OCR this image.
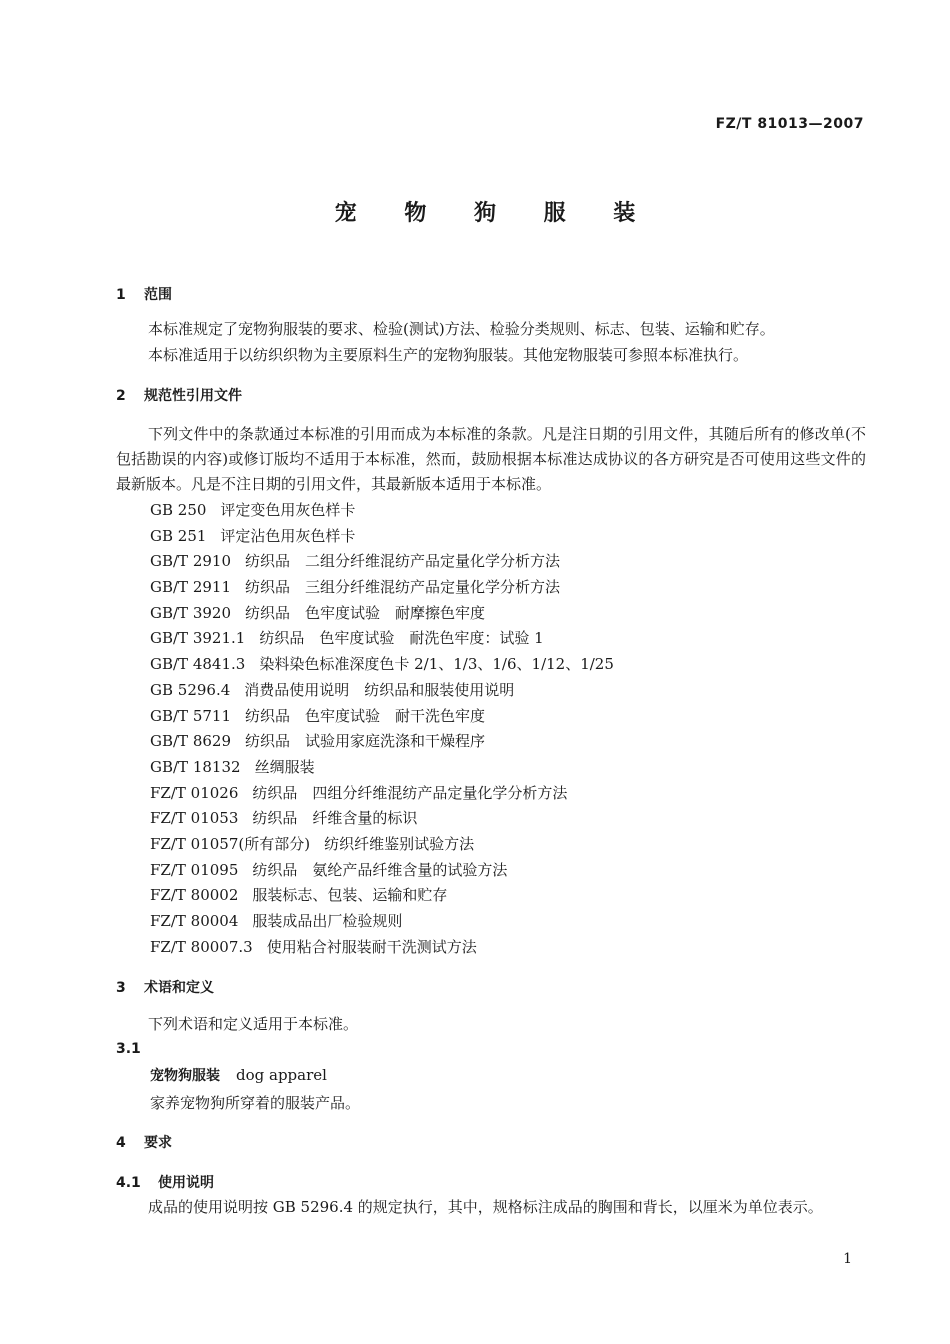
FZ/T 81013—2007
宠 物 狗 服 装
1 范围
本标准规定了宠物狗服装的要求、检验(测试)方法、检验分类规则、标志、包装、运输和贮存。
本标准适用于以纺织织物为主要原料生产的宠物狗服装。其他宠物服装可参照本标准执行。
2 规范性引用文件
下列文件中的条款通过本标准的引用而成为本标准的条款。凡是注日期的引用文件，其随后所有的修改单(不包括勘误的内容)或修订版均不适用于本标准，然而，鼓励根据本标准达成协议的各方研究是否可使用这些文件的最新版本。凡是不注日期的引用文件，其最新版本适用于本标准。
GB 250 评定变色用灰色样卡
GB 251 评定沾色用灰色样卡
GB/T 2910 纺织品　二组分纤维混纺产品定量化学分析方法
GB/T 2911 纺织品　三组分纤维混纺产品定量化学分析方法
GB/T 3920 纺织品　色牢度试验　耐摩擦色牢度
GB/T 3921.1 纺织品　色牢度试验　耐洗色牢度：试验 1
GB/T 4841.3 染料染色标准深度色卡 2/1、1/3、1/6、1/12、1/25
GB 5296.4 消费品使用说明　纺织品和服装使用说明
GB/T 5711 纺织品　色牢度试验　耐干洗色牢度
GB/T 8629 纺织品　试验用家庭洗涤和干燥程序
GB/T 18132 丝绸服装
FZ/T 01026 纺织品　四组分纤维混纺产品定量化学分析方法
FZ/T 01053 纺织品　纤维含量的标识
FZ/T 01057(所有部分) 纺织纤维鉴别试验方法
FZ/T 01095 纺织品　氨纶产品纤维含量的试验方法
FZ/T 80002 服装标志、包装、运输和贮存
FZ/T 80004 服装成品出厂检验规则
FZ/T 80007.3 使用粘合衬服装耐干洗测试方法
3 术语和定义
下列术语和定义适用于本标准。
3.1
宠物狗服装 dog apparel
家养宠物狗所穿着的服装产品。
4 要求
4.1 使用说明
成品的使用说明按 GB 5296.4 的规定执行，其中，规格标注成品的胸围和背长，以厘米为单位表示。
1
